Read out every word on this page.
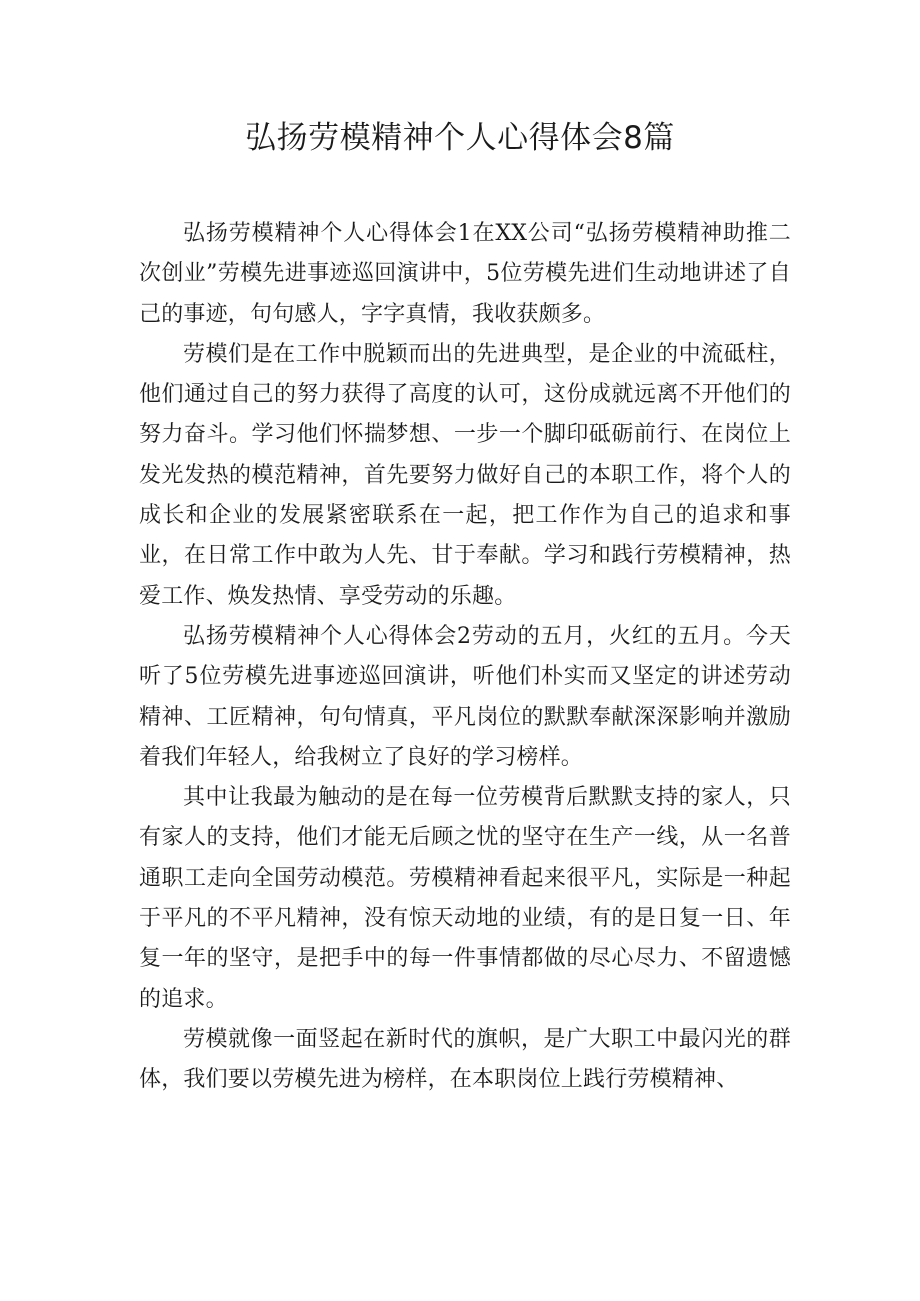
弘扬劳模精神个人心得体会8篇

弘扬劳模精神个人心得体会1在XX公司“弘扬劳模精神助推二次创业”劳模先进事迹巡回演讲中，5位劳模先进们生动地讲述了自己的事迹，句句感人，字字真情，我收获颇多。

劳模们是在工作中脱颖而出的先进典型，是企业的中流砥柱，他们通过自己的努力获得了高度的认可，这份成就远离不开他们的努力奋斗。学习他们怀揣梦想、一步一个脚印砥砺前行、在岗位上发光发热的模范精神，首先要努力做好自己的本职工作，将个人的成长和企业的发展紧密联系在一起，把工作作为自己的追求和事业，在日常工作中敢为人先、甘于奉献。学习和践行劳模精神，热爱工作、焕发热情、享受劳动的乐趣。

弘扬劳模精神个人心得体会2劳动的五月，火红的五月。今天听了5位劳模先进事迹巡回演讲，听他们朴实而又坚定的讲述劳动精神、工匠精神，句句情真，平凡岗位的默默奉献深深影响并激励着我们年轻人，给我树立了良好的学习榜样。

其中让我最为触动的是在每一位劳模背后默默支持的家人，只有家人的支持，他们才能无后顾之忧的坚守在生产一线，从一名普通职工走向全国劳动模范。劳模精神看起来很平凡，实际是一种起于平凡的不平凡精神，没有惊天动地的业绩，有的是日复一日、年复一年的坚守，是把手中的每一件事情都做的尽心尽力、不留遗憾的追求。

劳模就像一面竖起在新时代的旗帜，是广大职工中最闪光的群体，我们要以劳模先进为榜样，在本职岗位上践行劳模精神、
